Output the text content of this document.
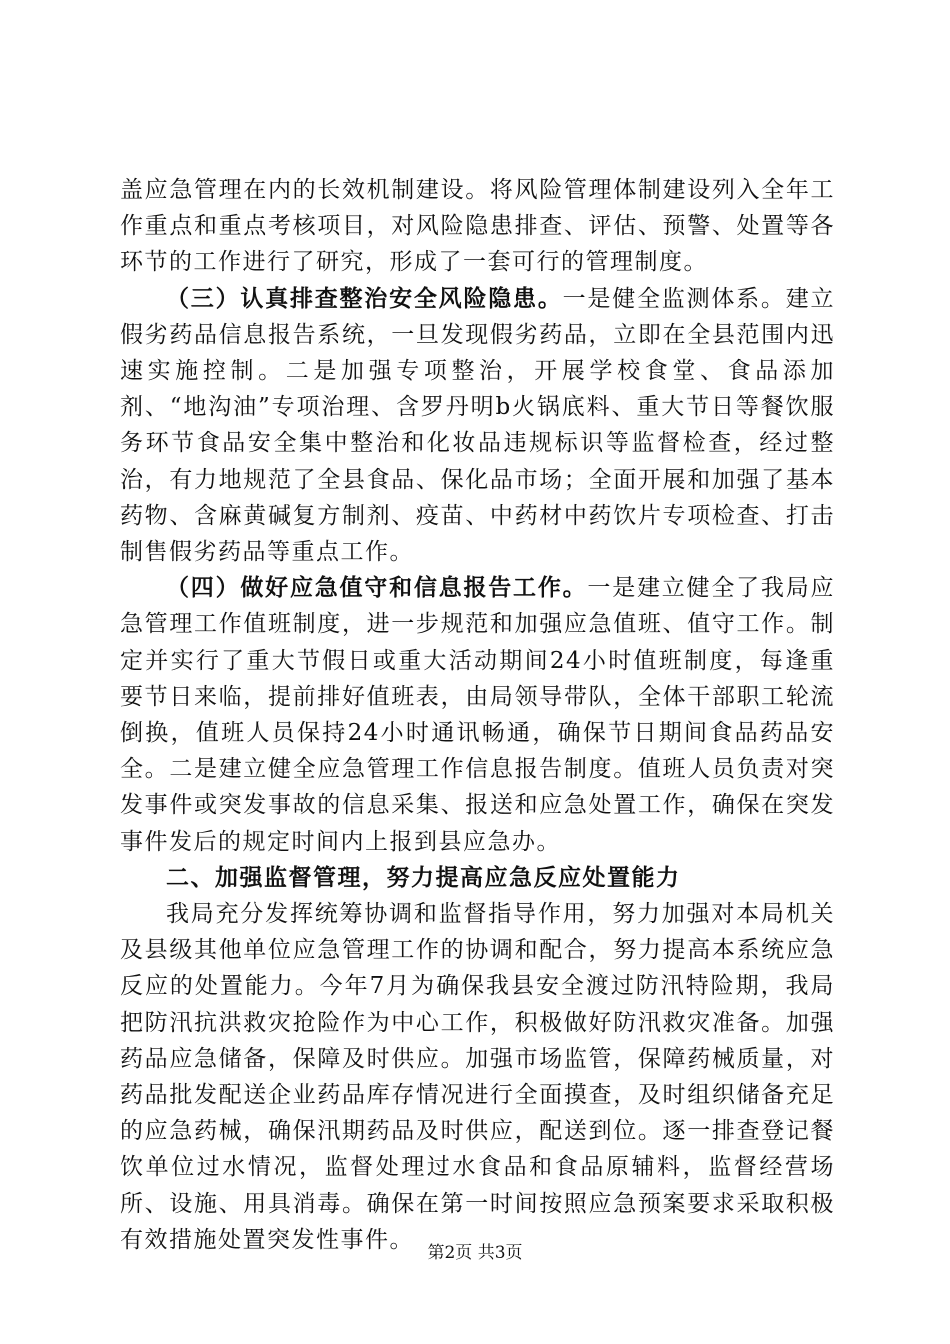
盖应急管理在内的长效机制建设。将风险管理体制建设列入全年工作重点和重点考核项目，对风险隐患排查、评估、预警、处置等各环节的工作进行了研究，形成了一套可行的管理制度。

（三）认真排查整治安全风险隐患。一是健全监测体系。建立假劣药品信息报告系统，一旦发现假劣药品，立即在全县范围内迅速实施控制。二是加强专项整治，开展学校食堂、食品添加剂、“地沟油”专项治理、含罗丹明b火锅底料、重大节日等餐饮服务环节食品安全集中整治和化妆品违规标识等监督检查，经过整治，有力地规范了全县食品、保化品市场；全面开展和加强了基本药物、含麻黄碱复方制剂、疫苗、中药材中药饮片专项检查、打击制售假劣药品等重点工作。

（四）做好应急值守和信息报告工作。一是建立健全了我局应急管理工作值班制度，进一步规范和加强应急值班、值守工作。制定并实行了重大节假日或重大活动期间24小时值班制度，每逢重要节日来临，提前排好值班表，由局领导带队，全体干部职工轮流倒换，值班人员保持24小时通讯畅通，确保节日期间食品药品安全。二是建立健全应急管理工作信息报告制度。值班人员负责对突发事件或突发事故的信息采集、报送和应急处置工作，确保在突发事件发后的规定时间内上报到县应急办。

二、加强监督管理，努力提高应急反应处置能力

我局充分发挥统筹协调和监督指导作用，努力加强对本局机关及县级其他单位应急管理工作的协调和配合，努力提高本系统应急反应的处置能力。今年7月为确保我县安全渡过防汛特险期，我局把防汛抗洪救灾抢险作为中心工作，积极做好防汛救灾准备。加强药品应急储备，保障及时供应。加强市场监管，保障药械质量，对药品批发配送企业药品库存情况进行全面摸查，及时组织储备充足的应急药械，确保汛期药品及时供应，配送到位。逐一排查登记餐饮单位过水情况，监督处理过水食品和食品原辅料，监督经营场所、设施、用具消毒。确保在第一时间按照应急预案要求采取积极有效措施处置突发性事件。

第2页 共3页
